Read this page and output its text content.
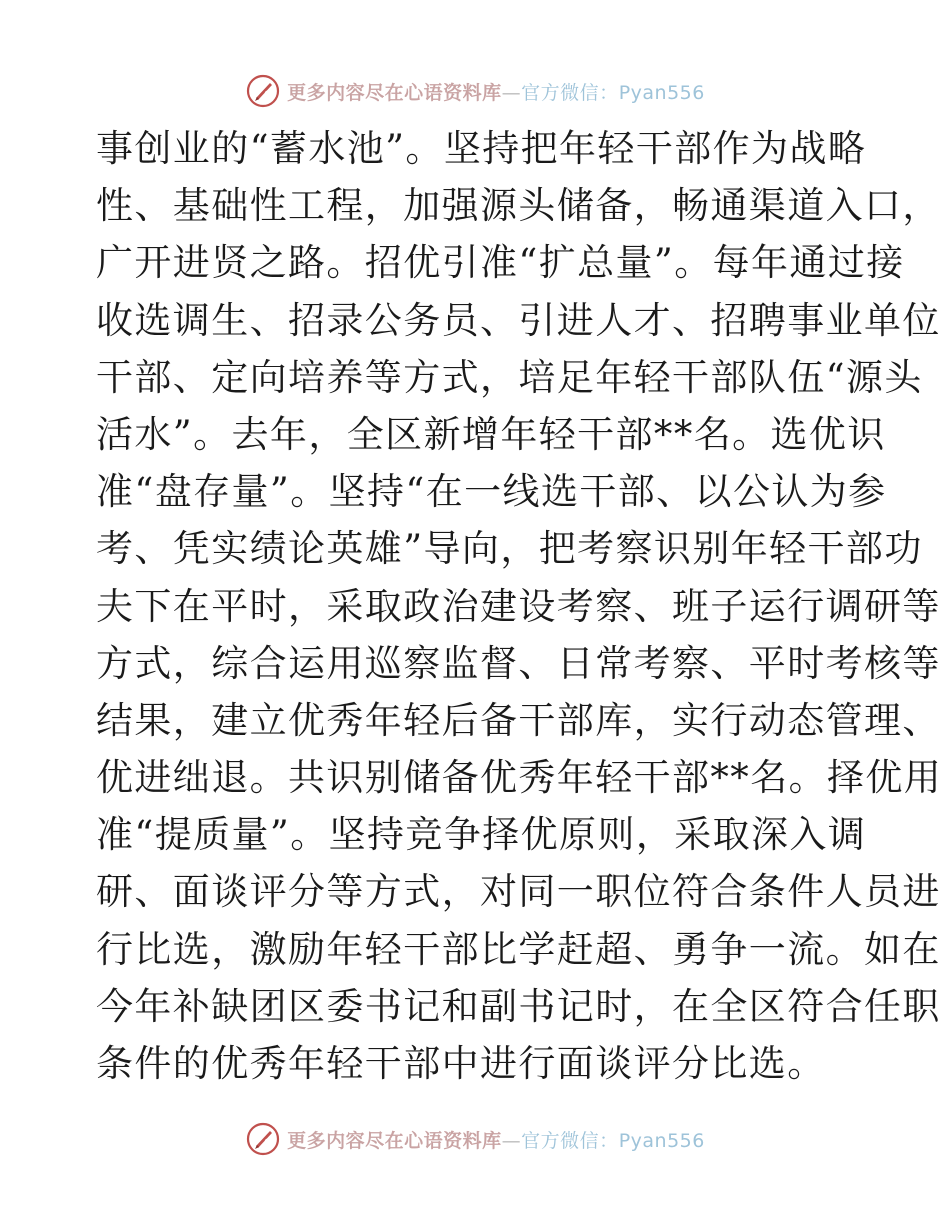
更多内容尽在心语资料库—官方微信：Pyan556
事创业的“蓄水池”。坚持把年轻干部作为战略
性、基础性工程，加强源头储备，畅通渠道入口，
广开进贤之路。招优引准“扩总量”。每年通过接
收选调生、招录公务员、引进人才、招聘事业单位
干部、定向培养等方式，培足年轻干部队伍“源头
活水”。去年，全区新增年轻干部**名。选优识
准“盘存量”。坚持“在一线选干部、以公认为参
考、凭实绩论英雄”导向，把考察识别年轻干部功
夫下在平时，采取政治建设考察、班子运行调研等
方式，综合运用巡察监督、日常考察、平时考核等
结果，建立优秀年轻后备干部库，实行动态管理、
优进绌退。共识别储备优秀年轻干部**名。择优用
准“提质量”。坚持竞争择优原则，采取深入调
研、面谈评分等方式，对同一职位符合条件人员进
行比选，激励年轻干部比学赶超、勇争一流。如在
今年补缺团区委书记和副书记时，在全区符合任职
条件的优秀年轻干部中进行面谈评分比选。
更多内容尽在心语资料库—官方微信：Pyan556
